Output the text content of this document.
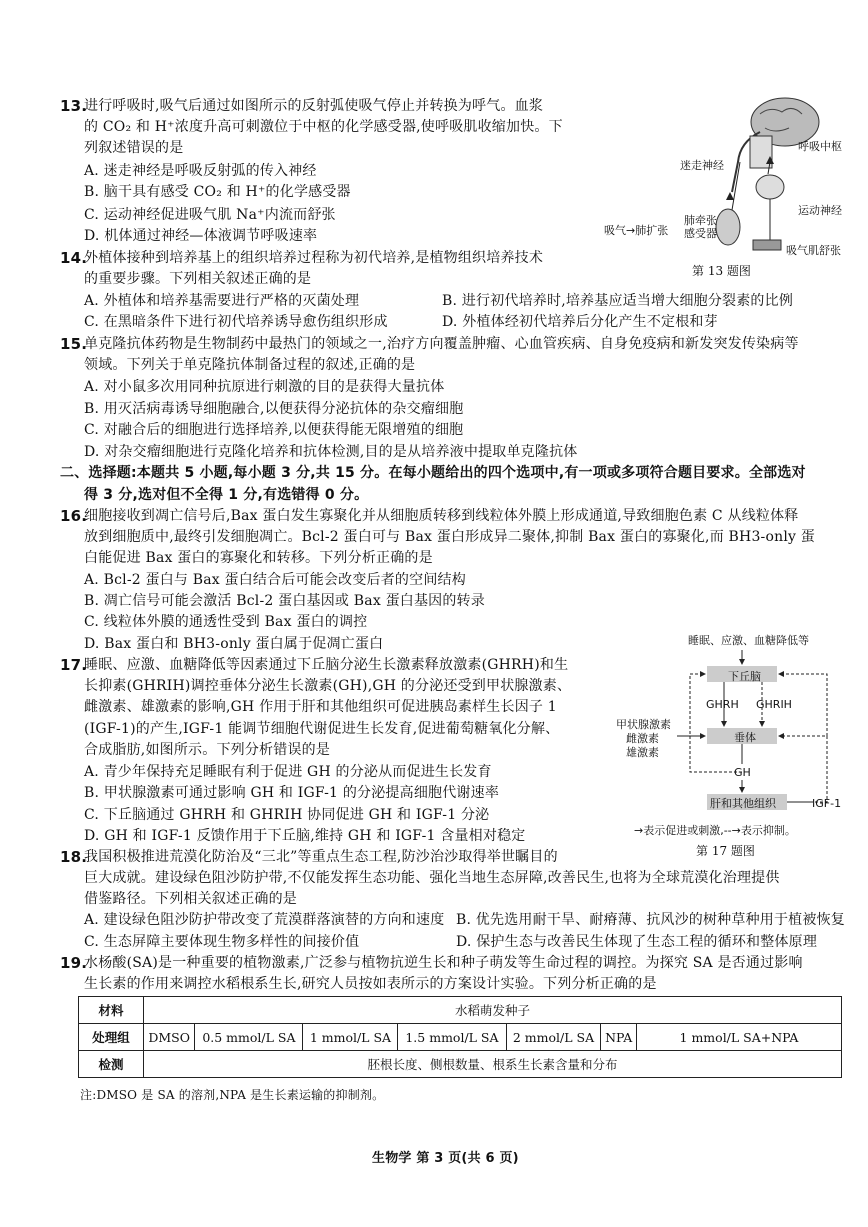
13.
进行呼吸时,吸气后通过如图所示的反射弧使吸气停止并转换为呼气。血浆
的 CO₂ 和 H⁺浓度升高可刺激位于中枢的化学感受器,使呼吸肌收缩加快。下
列叙述错误的是
A. 迷走神经是呼吸反射弧的传入神经
B. 脑干具有感受 CO₂ 和 H⁺的化学感受器
C. 运动神经促进吸气肌 Na⁺内流而舒张
D. 机体通过神经—体液调节呼吸速率
迷走神经
呼吸中枢
运动神经
吸气→肺扩张
肺牵张感受器
吸气肌舒张
第 13 题图
14.
外植体接种到培养基上的组织培养过程称为初代培养,是植物组织培养技术
的重要步骤。下列相关叙述正确的是
A. 外植体和培养基需要进行严格的灭菌处理	B. 进行初代培养时,培养基应适当增大细胞分裂素的比例
C. 在黑暗条件下进行初代培养诱导愈伤组织形成	D. 外植体经初代培养后分化产生不定根和芽
15.
单克隆抗体药物是生物制药中最热门的领域之一,治疗方向覆盖肿瘤、心血管疾病、自身免疫病和新发突发传染病等
领域。下列关于单克隆抗体制备过程的叙述,正确的是
A. 对小鼠多次用同种抗原进行刺激的目的是获得大量抗体
B. 用灭活病毒诱导细胞融合,以便获得分泌抗体的杂交瘤细胞
C. 对融合后的细胞进行选择培养,以便获得能无限增殖的细胞
D. 对杂交瘤细胞进行克隆化培养和抗体检测,目的是从培养液中提取单克隆抗体
二、选择题:本题共 5 小题,每小题 3 分,共 15 分。在每小题给出的四个选项中,有一项或多项符合题目要求。全部选对
得 3 分,选对但不全得 1 分,有选错得 0 分。
16.
细胞接收到凋亡信号后,Bax 蛋白发生寡聚化并从细胞质转移到线粒体外膜上形成通道,导致细胞色素 C 从线粒体释
放到细胞质中,最终引发细胞凋亡。Bcl-2 蛋白可与 Bax 蛋白形成异二聚体,抑制 Bax 蛋白的寡聚化,而 BH3-only 蛋
白能促进 Bax 蛋白的寡聚化和转移。下列分析正确的是
A. Bcl-2 蛋白与 Bax 蛋白结合后可能会改变后者的空间结构
B. 凋亡信号可能会激活 Bcl-2 蛋白基因或 Bax 蛋白基因的转录
C. 线粒体外膜的通透性受到 Bax 蛋白的调控
D. Bax 蛋白和 BH3-only 蛋白属于促凋亡蛋白
17.
睡眠、应激、血糖降低等因素通过下丘脑分泌生长激素释放激素(GHRH)和生
长抑素(GHRIH)调控垂体分泌生长激素(GH),GH 的分泌还受到甲状腺激素、
雌激素、雄激素的影响,GH 作用于肝和其他组织可促进胰岛素样生长因子 1
(IGF-1)的产生,IGF-1 能调节细胞代谢促进生长发育,促进葡萄糖氧化分解、
合成脂肪,如图所示。下列分析错误的是
A. 青少年保持充足睡眠有利于促进 GH 的分泌从而促进生长发育
B. 甲状腺激素可通过影响 GH 和 IGF-1 的分泌提高细胞代谢速率
C. 下丘脑通过 GHRH 和 GHRIH 协同促进 GH 和 IGF-1 分泌
D. GH 和 IGF-1 反馈作用于下丘脑,维持 GH 和 IGF-1 含量相对稳定
睡眠、应激、血糖降低等
下丘脑
GHRH GHRIH
甲状腺激素
雌激素
雄激素
垂体
GH
肝和其他组织	IGF-1
→表示促进或刺激,--→表示抑制。
第 17 题图
18.
我国积极推进荒漠化防治及“三北”等重点生态工程,防沙治沙取得举世瞩目的
巨大成就。建设绿色阻沙防护带,不仅能发挥生态功能、强化当地生态屏障,改善民生,也将为全球荒漠化治理提供
借鉴路径。下列相关叙述正确的是
A. 建设绿色阻沙防护带改变了荒漠群落演替的方向和速度 B. 优先选用耐干旱、耐瘠薄、抗风沙的树种草种用于植被恢复
C. 生态屏障主要体现生物多样性的间接价值	D. 保护生态与改善民生体现了生态工程的循环和整体原理
19.
水杨酸(SA)是一种重要的植物激素,广泛参与植物抗逆生长和种子萌发等生命过程的调控。为探究 SA 是否通过影响
生长素的作用来调控水稻根系生长,研究人员按如表所示的方案设计实验。下列分析正确的是
材料	水稻萌发种子						
处理组	DMSO	0.5 mmol/L SA	1 mmol/L SA	1.5 mmol/L SA	2 mmol/L SA	NPA	1 mmol/L SA+NPA
检测	胚根长度、侧根数量、根系生长素含量和分布						
注:DMSO 是 SA 的溶剂,NPA 是生长素运输的抑制剂。
生物学 第 3 页(共 6 页)
